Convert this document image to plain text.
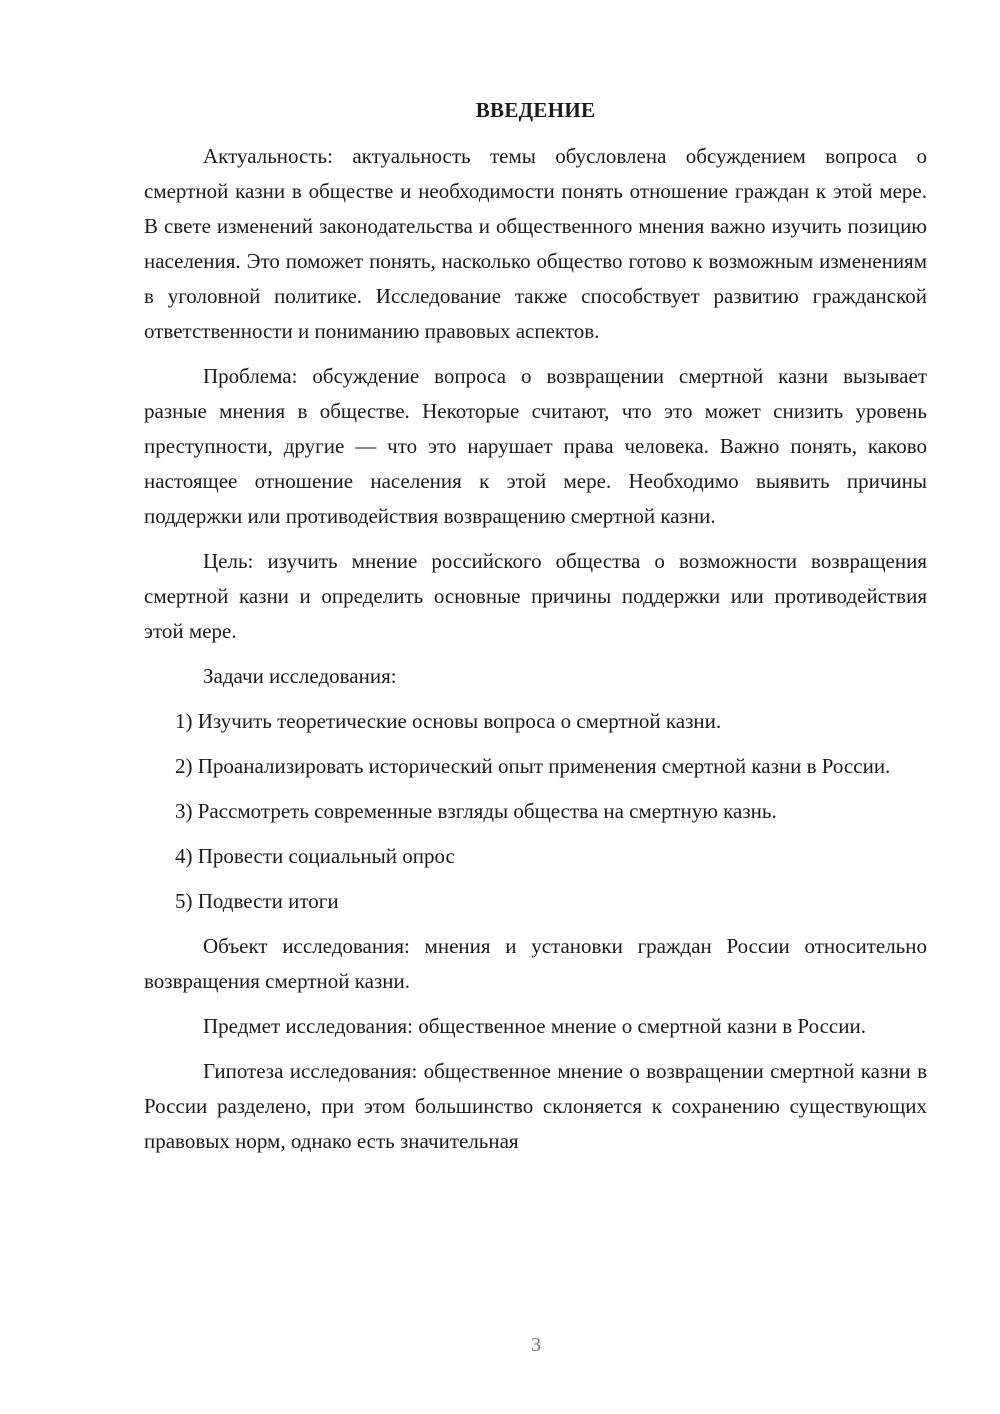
ВВЕДЕНИЕ

Актуальность: актуальность темы обусловлена обсуждением вопроса о смертной казни в обществе и необходимости понять отношение граждан к этой мере. В свете изменений законодательства и общественного мнения важно изучить позицию населения. Это поможет понять, насколько общество готово к возможным изменениям в уголовной политике. Исследование также способствует развитию гражданской ответственности и пониманию правовых аспектов.

Проблема: обсуждение вопроса о возвращении смертной казни вызывает разные мнения в обществе. Некоторые считают, что это может снизить уровень преступности, другие — что это нарушает права человека. Важно понять, каково настоящее отношение населения к этой мере. Необходимо выявить причины поддержки или противодействия возвращению смертной казни.

Цель: изучить мнение российского общества о возможности возвращения смертной казни и определить основные причины поддержки или противодействия этой мере.

Задачи исследования:

1) Изучить теоретические основы вопроса о смертной казни.

2) Проанализировать исторический опыт применения смертной казни в России.

3) Рассмотреть современные взгляды общества на смертную казнь.

4) Провести социальный опрос

5) Подвести итоги

Объект исследования: мнения и установки граждан России относительно возвращения смертной казни.

Предмет исследования: общественное мнение о смертной казни в России.

Гипотеза исследования: общественное мнение о возвращении смертной казни в России разделено, при этом большинство склоняется к сохранению существующих правовых норм, однако есть значительная

3
